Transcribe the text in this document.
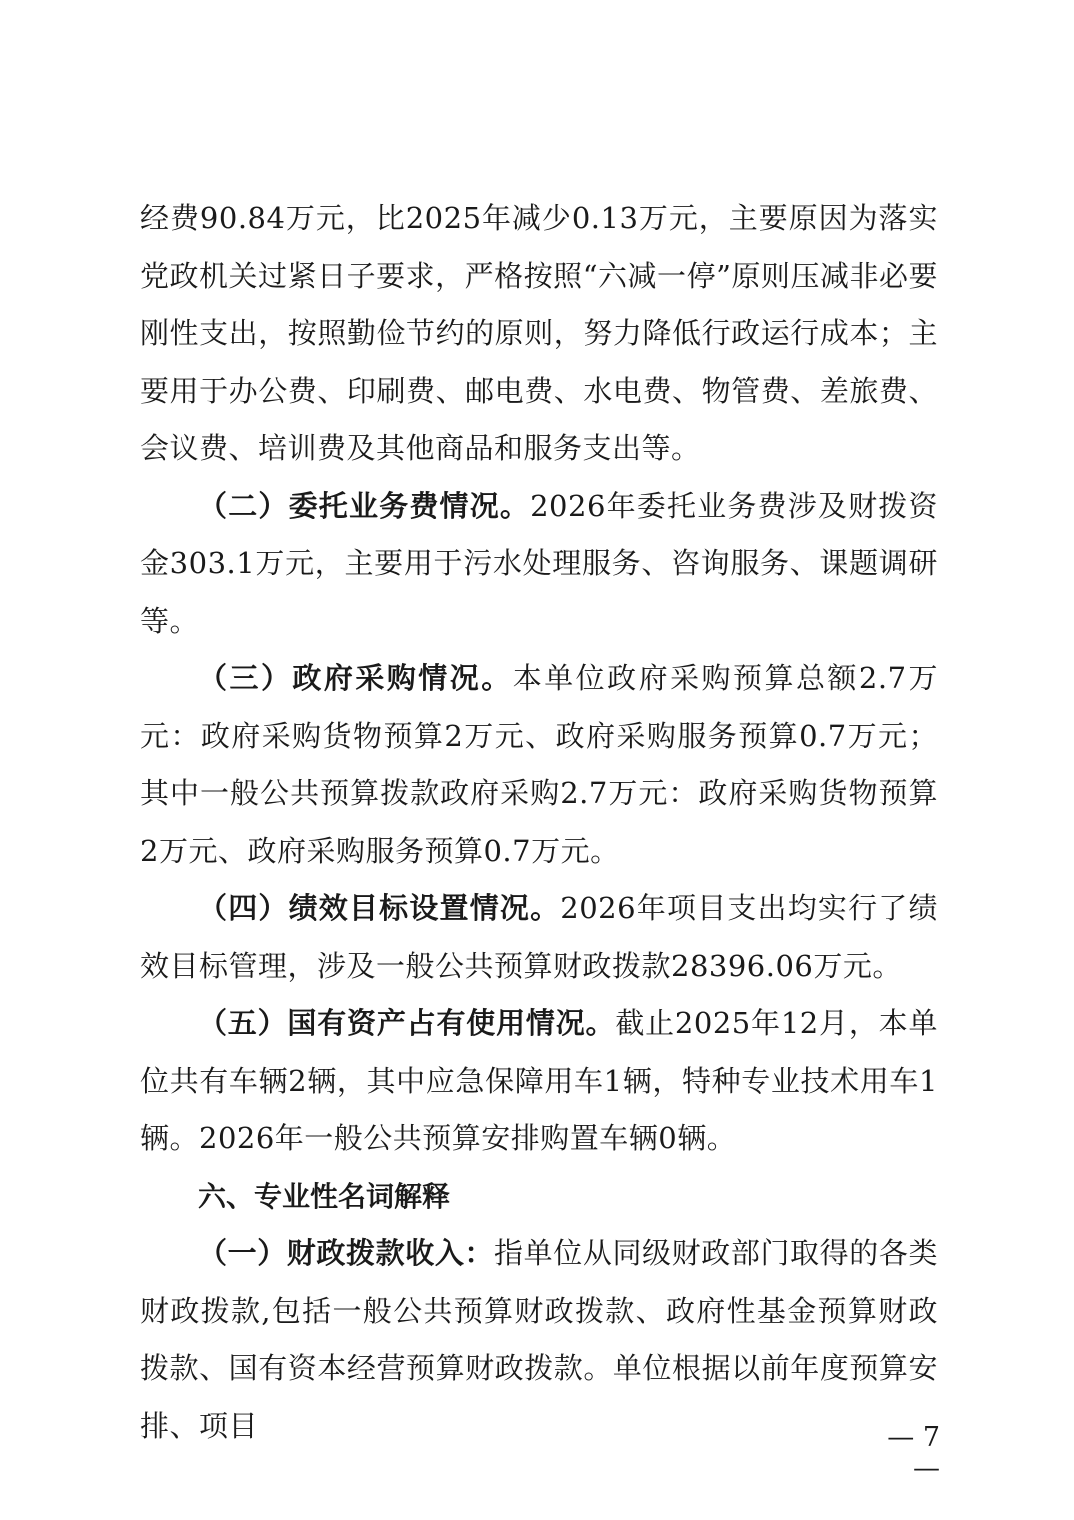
经费90.84万元，比2025年减少0.13万元，主要原因为落实党政机关过紧日子要求，严格按照“六减一停”原则压减非必要刚性支出，按照勤俭节约的原则，努力降低行政运行成本；主要用于办公费、印刷费、邮电费、水电费、物管费、差旅费、会议费、培训费及其他商品和服务支出等。

（二）委托业务费情况。2026年委托业务费涉及财拨资金303.1万元，主要用于污水处理服务、咨询服务、课题调研等。

（三）政府采购情况。本单位政府采购预算总额2.7万元：政府采购货物预算2万元、政府采购服务预算0.7万元；其中一般公共预算拨款政府采购2.7万元：政府采购货物预算2万元、政府采购服务预算0.7万元。

（四）绩效目标设置情况。2026年项目支出均实行了绩效目标管理，涉及一般公共预算财政拨款28396.06万元。

（五）国有资产占有使用情况。截止2025年12月，本单位共有车辆2辆，其中应急保障用车1辆，特种专业技术用车1辆。2026年一般公共预算安排购置车辆0辆。

六、专业性名词解释

（一）财政拨款收入：指单位从同级财政部门取得的各类财政拨款,包括一般公共预算财政拨款、政府性基金预算财政拨款、国有资本经营预算财政拨款。单位根据以前年度预算安排、项目	— 7 —
